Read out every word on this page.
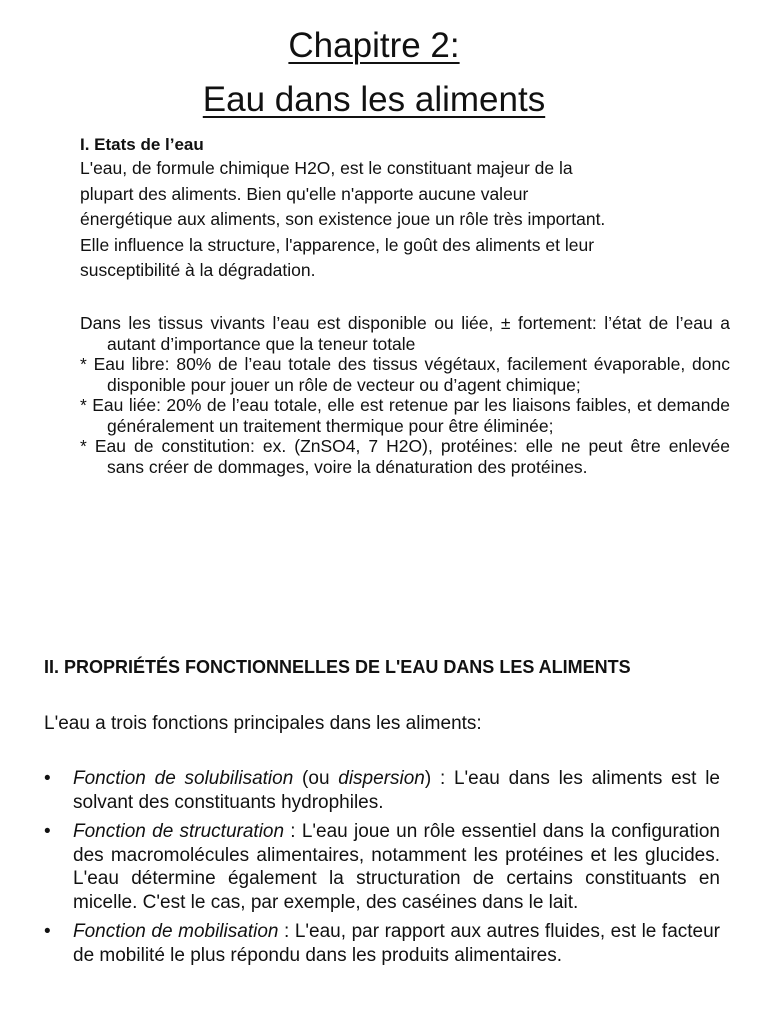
Chapitre 2:
Eau dans les aliments
I. Etats de l’eau
L'eau, de formule chimique H2O, est le constituant majeur de la
plupart des aliments. Bien qu'elle n'apporte aucune valeur
énergétique aux aliments, son existence joue un rôle très important.
Elle influence la structure, l'apparence, le goût des aliments et leur
susceptibilité à la dégradation.

Dans les tissus vivants l’eau est disponible ou liée, ± fortement: l’état de l’eau a autant d’importance que la teneur totale

* Eau libre: 80% de l’eau totale des tissus végétaux, facilement évaporable, donc disponible pour jouer un rôle de vecteur ou d’agent chimique;

* Eau liée: 20% de l’eau totale, elle est retenue par les liaisons faibles, et demande généralement un traitement thermique pour être éliminée;

* Eau de constitution: ex. (ZnSO4, 7 H2O), protéines: elle ne peut être enlevée sans créer de dommages, voire la dénaturation des protéines.

II. PROPRIÉTÉS FONCTIONNELLES DE L'EAU DANS LES ALIMENTS
L'eau a trois fonctions principales dans les aliments:
• Fonction de solubilisation (ou dispersion) : L'eau dans les aliments est le solvant des constituants hydrophiles.
• Fonction de structuration : L'eau joue un rôle essentiel dans la configuration des macromolécules alimentaires, notamment les protéines et les glucides. L'eau détermine également la structuration de certains constituants en micelle. C'est le cas, par exemple, des caséines dans le lait.
• Fonction de mobilisation : L'eau, par rapport aux autres fluides, est le facteur de mobilité le plus répondu dans les produits alimentaires.
